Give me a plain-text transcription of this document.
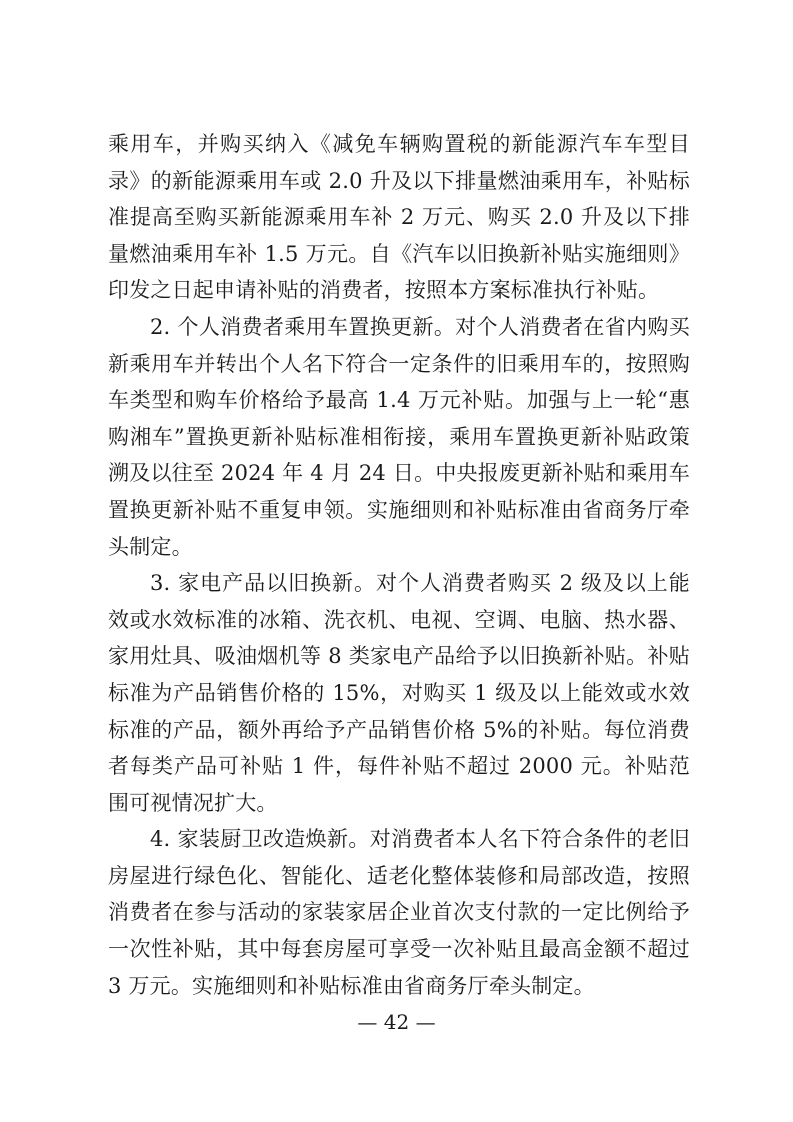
乘用车，并购买纳入《减免车辆购置税的新能源汽车车型目录》的新能源乘用车或 2.0 升及以下排量燃油乘用车，补贴标准提高至购买新能源乘用车补 2 万元、购买 2.0 升及以下排量燃油乘用车补 1.5 万元。自《汽车以旧换新补贴实施细则》印发之日起申请补贴的消费者，按照本方案标准执行补贴。

2. 个人消费者乘用车置换更新。对个人消费者在省内购买新乘用车并转出个人名下符合一定条件的旧乘用车的，按照购车类型和购车价格给予最高 1.4 万元补贴。加强与上一轮“惠购湘车”置换更新补贴标准相衔接，乘用车置换更新补贴政策溯及以往至 2024 年 4 月 24 日。中央报废更新补贴和乘用车置换更新补贴不重复申领。实施细则和补贴标准由省商务厅牵头制定。

3. 家电产品以旧换新。对个人消费者购买 2 级及以上能效或水效标准的冰箱、洗衣机、电视、空调、电脑、热水器、家用灶具、吸油烟机等 8 类家电产品给予以旧换新补贴。补贴标准为产品销售价格的 15%，对购买 1 级及以上能效或水效标准的产品，额外再给予产品销售价格 5%的补贴。每位消费者每类产品可补贴 1 件，每件补贴不超过 2000 元。补贴范围可视情况扩大。

4. 家装厨卫改造焕新。对消费者本人名下符合条件的老旧房屋进行绿色化、智能化、适老化整体装修和局部改造，按照消费者在参与活动的家装家居企业首次支付款的一定比例给予一次性补贴，其中每套房屋可享受一次补贴且最高金额不超过 3 万元。实施细则和补贴标准由省商务厅牵头制定。

— 42 —
